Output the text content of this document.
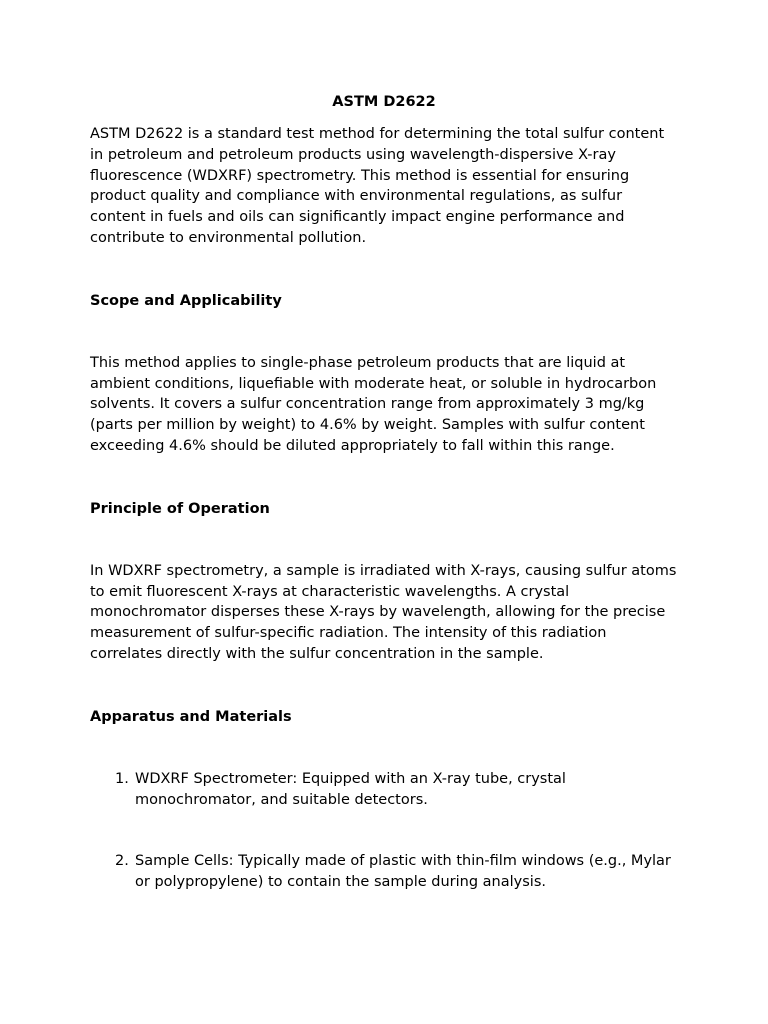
ASTM D2622

ASTM D2622 is a standard test method for determining the total sulfur content in petroleum and petroleum products using wavelength-dispersive X-ray fluorescence (WDXRF) spectrometry. This method is essential for ensuring product quality and compliance with environmental regulations, as sulfur content in fuels and oils can significantly impact engine performance and contribute to environmental pollution.

Scope and Applicability

This method applies to single-phase petroleum products that are liquid at ambient conditions, liquefiable with moderate heat, or soluble in hydrocarbon solvents. It covers a sulfur concentration range from approximately 3 mg/kg (parts per million by weight) to 4.6% by weight. Samples with sulfur content exceeding 4.6% should be diluted appropriately to fall within this range.

Principle of Operation

In WDXRF spectrometry, a sample is irradiated with X-rays, causing sulfur atoms to emit fluorescent X-rays at characteristic wavelengths. A crystal monochromator disperses these X-rays by wavelength, allowing for the precise measurement of sulfur-specific radiation. The intensity of this radiation correlates directly with the sulfur concentration in the sample.

Apparatus and Materials
1. WDXRF Spectrometer: Equipped with an X-ray tube, crystal monochromator, and suitable detectors.
2. Sample Cells: Typically made of plastic with thin-film windows (e.g., Mylar or polypropylene) to contain the sample during analysis.
